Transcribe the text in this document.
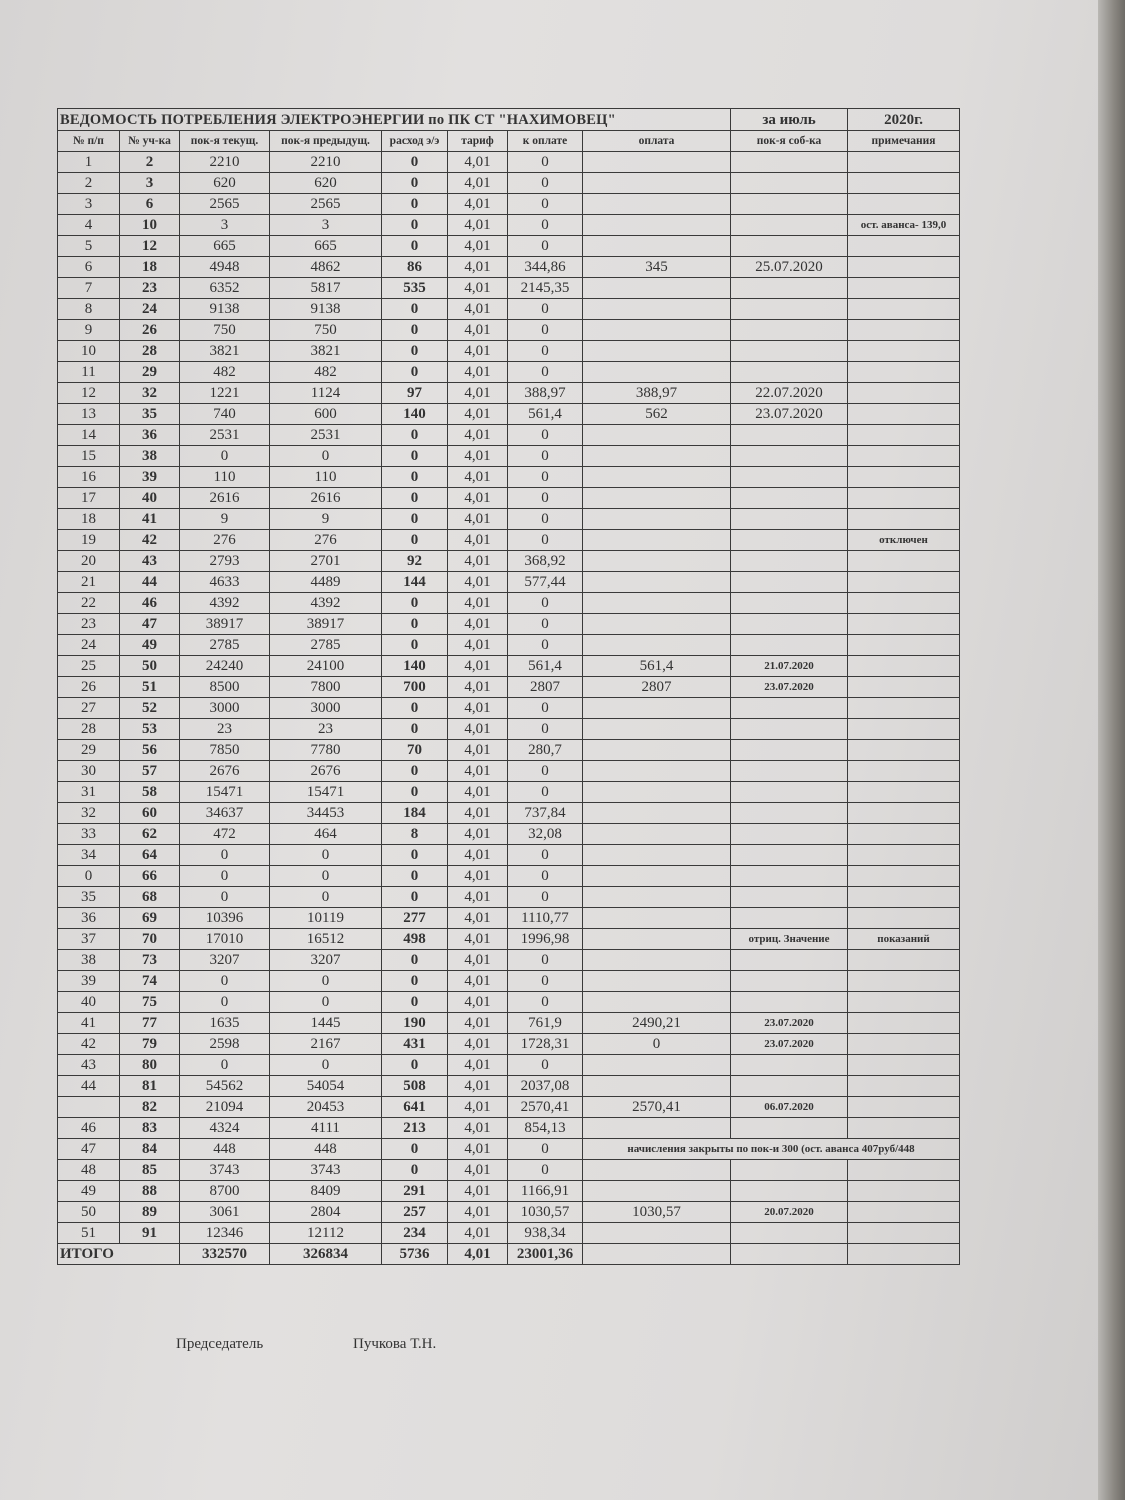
ВЕДОМОСТЬ ПОТРЕБЛЕНИЯ ЭЛЕКТРОЭНЕРГИИ по ПК СТ "НАХИМОВЕЦ"								за июль	2020г.
№ п/п	№ уч-ка	пок-я текущ.	пок-я предыдущ.	расход э/э	тариф	к оплате	оплата	пок-я соб-ка	примечания
1	2	2210	2210	0	4,01	0			
2	3	620	620	0	4,01	0			
3	6	2565	2565	0	4,01	0			
4	10	3	3	0	4,01	0			ост. аванса- 139,0
5	12	665	665	0	4,01	0			
6	18	4948	4862	86	4,01	344,86	345	25.07.2020	
7	23	6352	5817	535	4,01	2145,35			
8	24	9138	9138	0	4,01	0			
9	26	750	750	0	4,01	0			
10	28	3821	3821	0	4,01	0			
11	29	482	482	0	4,01	0			
12	32	1221	1124	97	4,01	388,97	388,97	22.07.2020	
13	35	740	600	140	4,01	561,4	562	23.07.2020	
14	36	2531	2531	0	4,01	0			
15	38	0	0	0	4,01	0			
16	39	110	110	0	4,01	0			
17	40	2616	2616	0	4,01	0			
18	41	9	9	0	4,01	0			
19	42	276	276	0	4,01	0			отключен
20	43	2793	2701	92	4,01	368,92			
21	44	4633	4489	144	4,01	577,44			
22	46	4392	4392	0	4,01	0			
23	47	38917	38917	0	4,01	0			
24	49	2785	2785	0	4,01	0			
25	50	24240	24100	140	4,01	561,4	561,4	21.07.2020	
26	51	8500	7800	700	4,01	2807	2807	23.07.2020	
27	52	3000	3000	0	4,01	0			
28	53	23	23	0	4,01	0			
29	56	7850	7780	70	4,01	280,7			
30	57	2676	2676	0	4,01	0			
31	58	15471	15471	0	4,01	0			
32	60	34637	34453	184	4,01	737,84			
33	62	472	464	8	4,01	32,08			
34	64	0	0	0	4,01	0			
0	66	0	0	0	4,01	0			
35	68	0	0	0	4,01	0			
36	69	10396	10119	277	4,01	1110,77			
37	70	17010	16512	498	4,01	1996,98		отриц. Значение	показаний
38	73	3207	3207	0	4,01	0			
39	74	0	0	0	4,01	0			
40	75	0	0	0	4,01	0			
41	77	1635	1445	190	4,01	761,9	2490,21	23.07.2020	
42	79	2598	2167	431	4,01	1728,31	0	23.07.2020	
43	80	0	0	0	4,01	0			
44	81	54562	54054	508	4,01	2037,08			
	82	21094	20453	641	4,01	2570,41	2570,41	06.07.2020	
46	83	4324	4111	213	4,01	854,13			
47	84	448	448	0	4,01	0	начисления закрыты по пок-и 300 (ост. аванса 407руб/448		
48	85	3743	3743	0	4,01	0			
49	88	8700	8409	291	4,01	1166,91			
50	89	3061	2804	257	4,01	1030,57	1030,57	20.07.2020	
51	91	12346	12112	234	4,01	938,34			
ИТОГО		332570	326834	5736	4,01	23001,36			
Председатель	Пучкова Т.Н.
